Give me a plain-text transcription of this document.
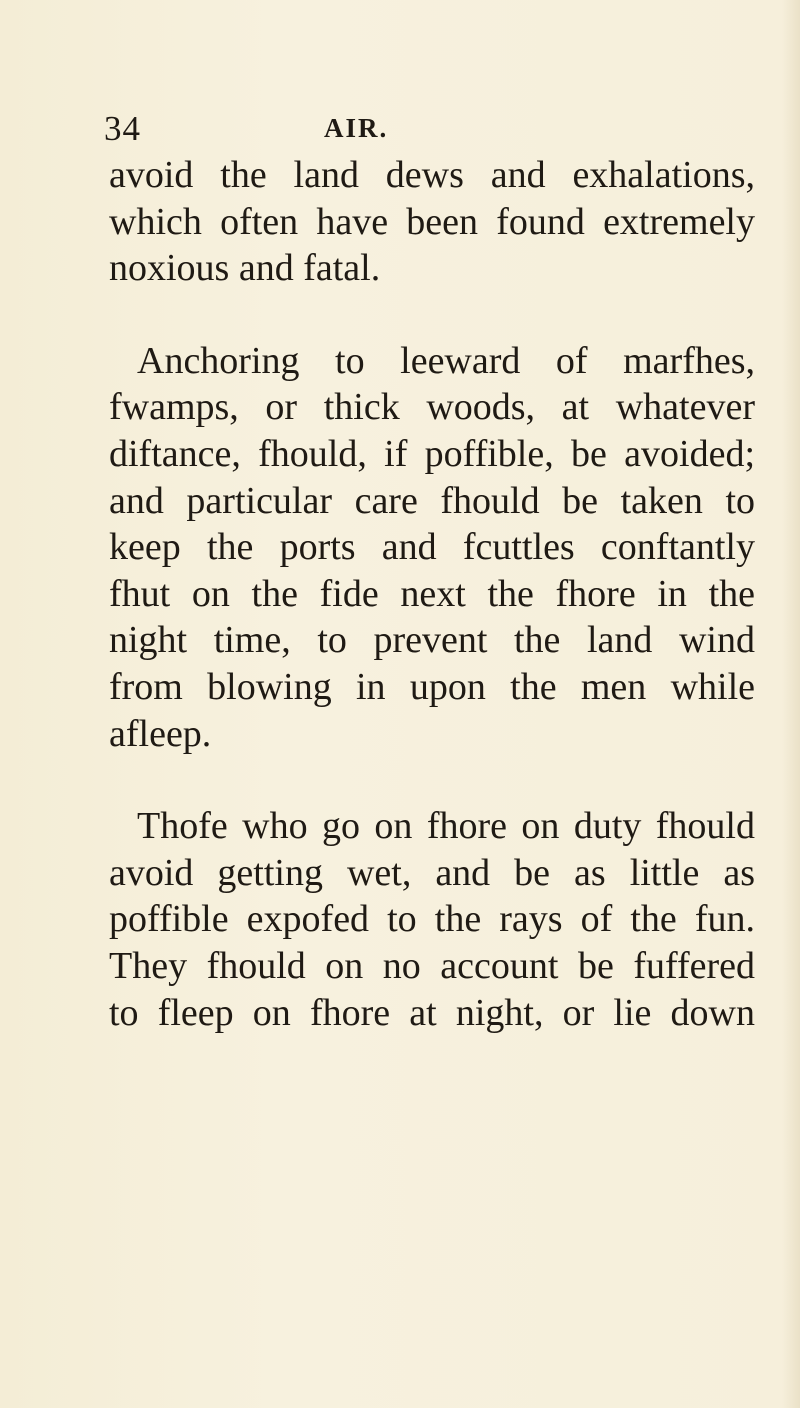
34	AIR.

avoid the land dews and exhalations,
which often have been found extremely
noxious and fatal.

Anchoring to leeward of marfhes,
fwamps, or thick woods, at whatever
diftance, fhould, if poffible, be avoided;
and particular care fhould be taken to
keep the ports and fcuttles conftantly
fhut on the fide next the fhore in the
night time, to prevent the land wind
from blowing in upon the men while
afleep.

Thofe who go on fhore on duty fhould
avoid getting wet, and be as little as
poffible expofed to the rays of the fun.
They fhould on no account be fuffered
to fleep on fhore at night, or lie down
